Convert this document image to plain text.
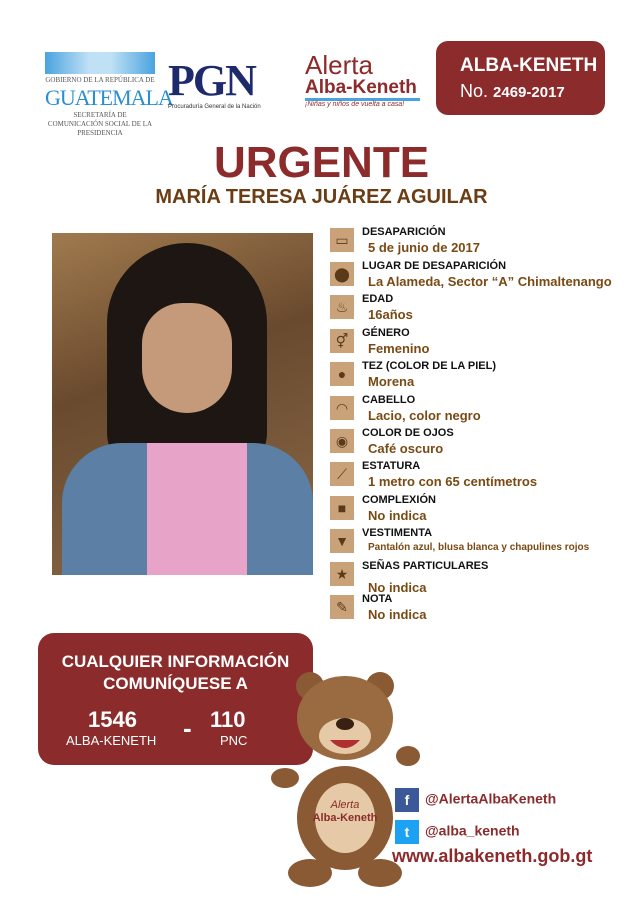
GOBIERNO DE LA REPÚBLICA DE
GUATEMALA
SECRETARÍA DE COMUNICACIÓN SOCIAL DE LA PRESIDENCIA
PGN
Procuraduría General de la Nación
Alerta
Alba-Keneth
¡Niñas y niños de vuelta a casa!
ALBA-KENETH
No. 2469-2017
URGENTE
MARÍA TERESA JUÁREZ AGUILAR
▭	DESAPARICIÓN
5 de junio de 2017
⬤	LUGAR DE DESAPARICIÓN
La Alameda, Sector “A” Chimaltenango
♨	EDAD
16años
⚥	GÉNERO
Femenino
●	TEZ (COLOR DE LA PIEL)
Morena
◠	CABELLO
Lacio, color negro
◉	COLOR DE OJOS
Café oscuro
⟋	ESTATURA
1 metro con 65 centímetros
■	COMPLEXIÓN
No indica
▼	VESTIMENTA
Pantalón azul, blusa blanca y chapulines rojos
★	SEÑAS PARTICULARES
No indica
✎	NOTA
No indica
CUALQUIER INFORMACIÓN
COMUNÍQUESE A
1546
ALBA-KENETH - 110
PNC
Alerta
Alba-Keneth
f @AlertaAlbaKeneth
t @alba_keneth
www.albakeneth.gob.gt
